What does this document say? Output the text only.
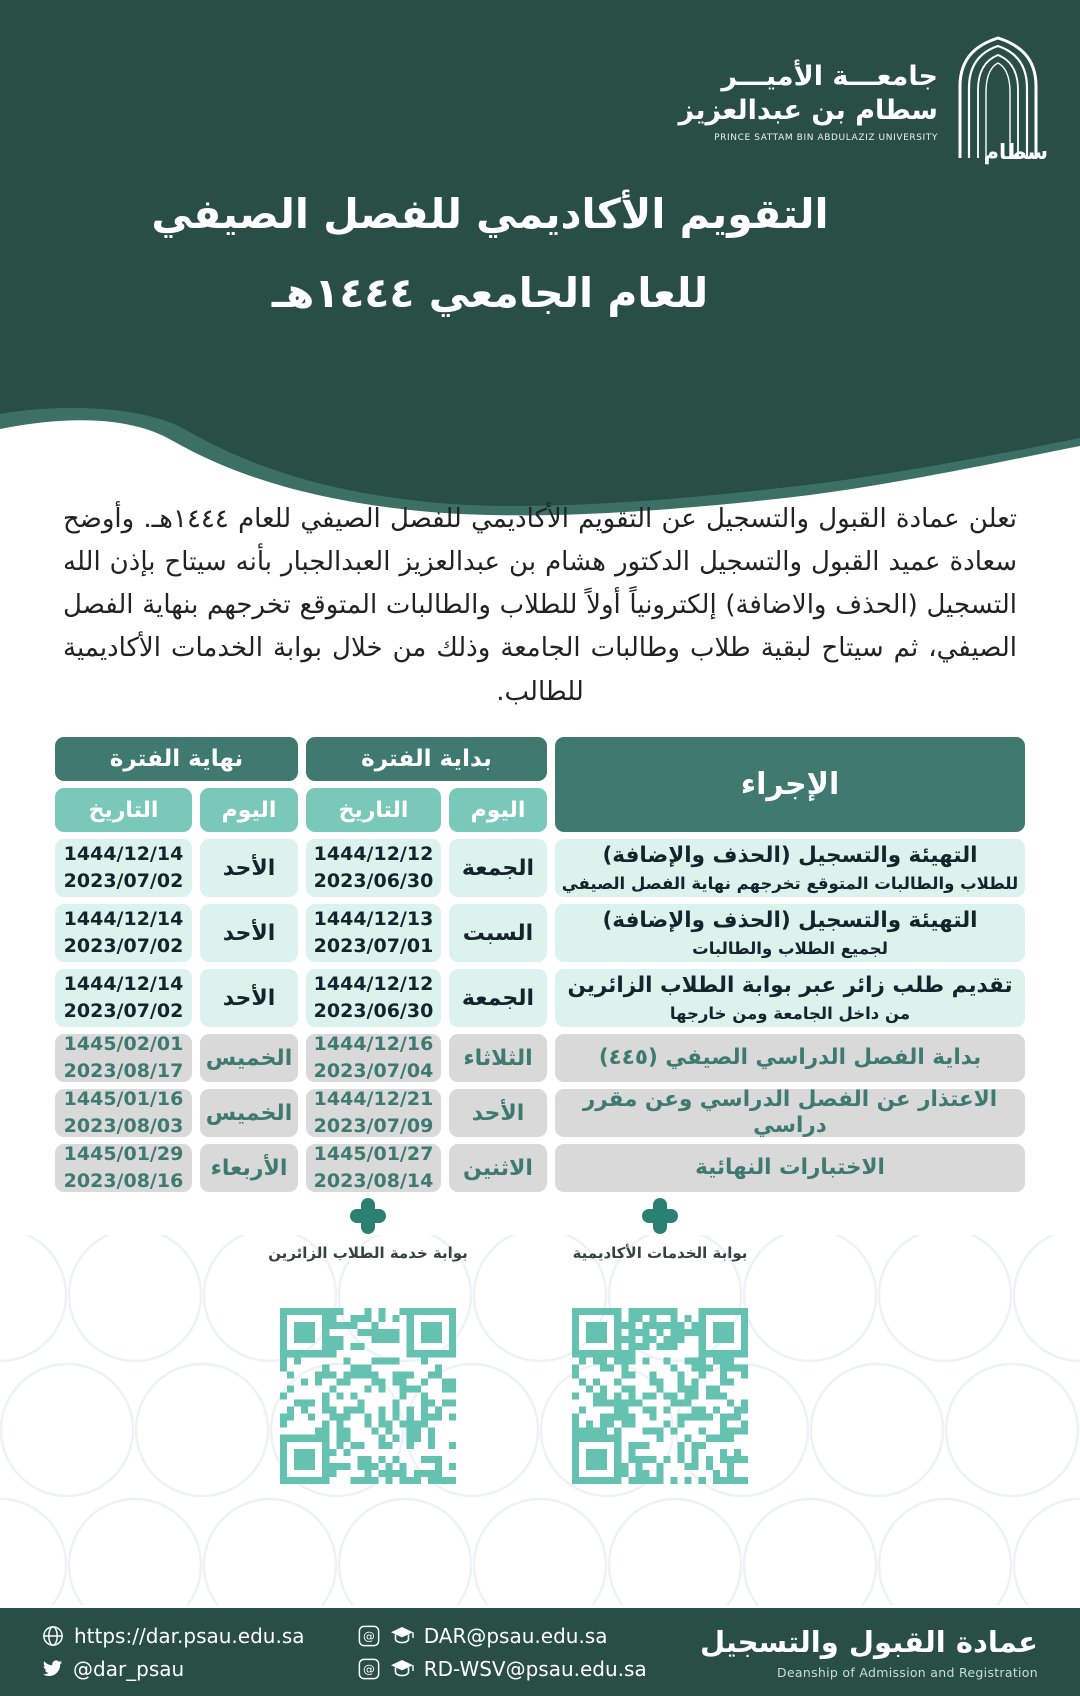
جامعـــة الأميـــر
سطام بن عبدالعزيز
PRINCE SATTAM BIN ABDULAZIZ UNIVERSITY
سطام
التقويم الأكاديمي للفصل الصيفي
للعام الجامعي ١٤٤٤هـ
تعلن عمادة القبول والتسجيل عن التقويم الأكاديمي للفصل الصيفي للعام ١٤٤٤هـ. وأوضح سعادة عميد القبول والتسجيل الدكتور هشام بن عبدالعزيز العبدالجبار بأنه سيتاح بإذن الله التسجيل (الحذف والاضافة) إلكترونياً أولاً للطلاب والطالبات المتوقع تخرجهم بنهاية الفصل الصيفي، ثم سيتاح لبقية طلاب وطالبات الجامعة وذلك من خلال بوابة الخدمات الأكاديمية للطالب.
الإجراء
بداية الفترة
نهاية الفترة
اليوم
التاريخ
اليوم
التاريخ
التهيئة والتسجيل (الحذف والإضافة)
للطلاب والطالبات المتوقع تخرجهم نهاية الفصل الصيفي
الجمعة
1444/12/12
2023/06/30
الأحد
1444/12/14
2023/07/02
التهيئة والتسجيل (الحذف والإضافة)
لجميع الطلاب والطالبات
السبت
1444/12/13
2023/07/01
الأحد
1444/12/14
2023/07/02
تقديم طلب زائر عبر بوابة الطلاب الزائرين
من داخل الجامعة ومن خارجها
الجمعة
1444/12/12
2023/06/30
الأحد
1444/12/14
2023/07/02
بداية الفصل الدراسي الصيفي (٤٤٥)
الثلاثاء
1444/12/16
2023/07/04
الخميس
1445/02/01
2023/08/17
الاعتذار عن الفصل الدراسي وعن مقرر دراسي
الأحد
1444/12/21
2023/07/09
الخميس
1445/01/16
2023/08/03
الاختبارات النهائية
الاثنين
1445/01/27
2023/08/14
الأربعاء
1445/01/29
2023/08/16
بوابة خدمة الطلاب الزائرين	بوابة الخدمات الأكاديمية
https://dar.psau.edu.sa
@dar_psau
@ DAR@psau.edu.sa
@ RD-WSV@psau.edu.sa
عمادة القبول والتسجيل
Deanship of Admission and Registration
